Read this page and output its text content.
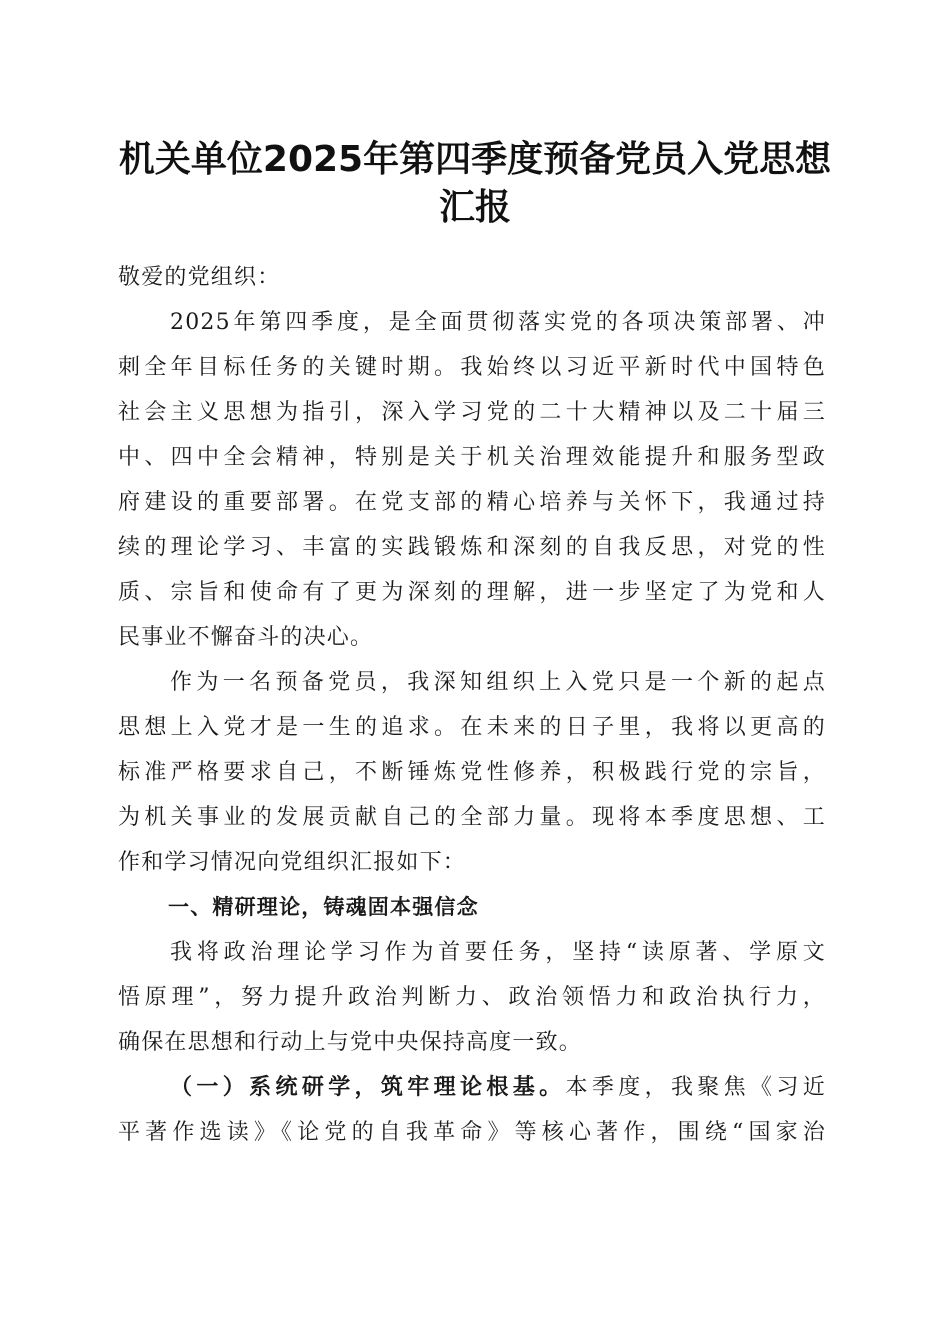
机关单位2025年第四季度预备党员入党思想
汇报
敬爱的党组织：
2025年第四季度，是全面贯彻落实党的各项决策部署、冲
刺全年目标任务的关键时期。我始终以习近平新时代中国特色
社会主义思想为指引，深入学习党的二十大精神以及二十届三
中、四中全会精神，特别是关于机关治理效能提升和服务型政
府建设的重要部署。在党支部的精心培养与关怀下，我通过持
续的理论学习、丰富的实践锻炼和深刻的自我反思，对党的性
质、宗旨和使命有了更为深刻的理解，进一步坚定了为党和人
民事业不懈奋斗的决心。
作为一名预备党员，我深知组织上入党只是一个新的起点
思想上入党才是一生的追求。在未来的日子里，我将以更高的
标准严格要求自己，不断锤炼党性修养，积极践行党的宗旨，
为机关事业的发展贡献自己的全部力量。现将本季度思想、工
作和学习情况向党组织汇报如下：
一、精研理论，铸魂固本强信念
我将政治理论学习作为首要任务，坚持“读原著、学原文
悟原理”，努力提升政治判断力、政治领悟力和政治执行力，
确保在思想和行动上与党中央保持高度一致。
（一）系统研学，筑牢理论根基。本季度，我聚焦《习近
平著作选读》《论党的自我革命》等核心著作，围绕“国家治
